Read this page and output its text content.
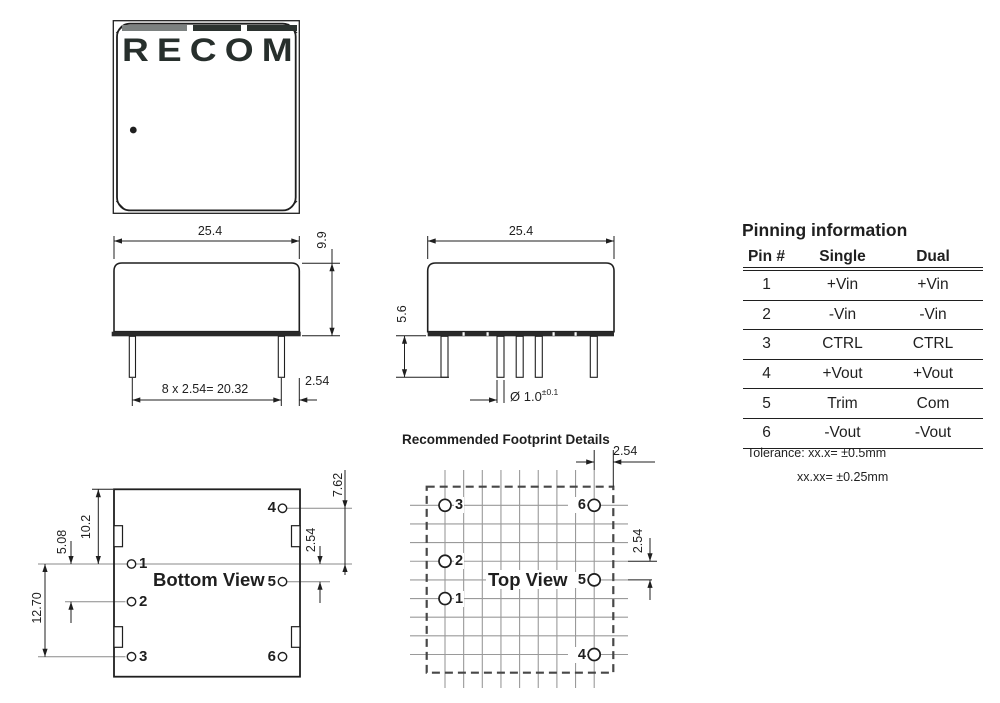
RECOM
25.4
9.9
8 x 2.54= 20.32
2.54
25.4
5.6
Ø $1.0^{\pm 0.1}$
10.2
5.08
12.70
7.62
2.54
2.54
2.54
Bottom View	Top View
Recommended Footprint Details
1
2
3
4
5
6
3
2
1
6
5
4
Pinning information
Pin #	Single	Dual
1	+Vin	+Vin
2	-Vin	-Vin
3	CTRL	CTRL
4	+Vout	+Vout
5	Trim	Com
6	-Vout	-Vout
Tolerance: xx.x= ±0.5mm
xx.xx= ±0.25mm
